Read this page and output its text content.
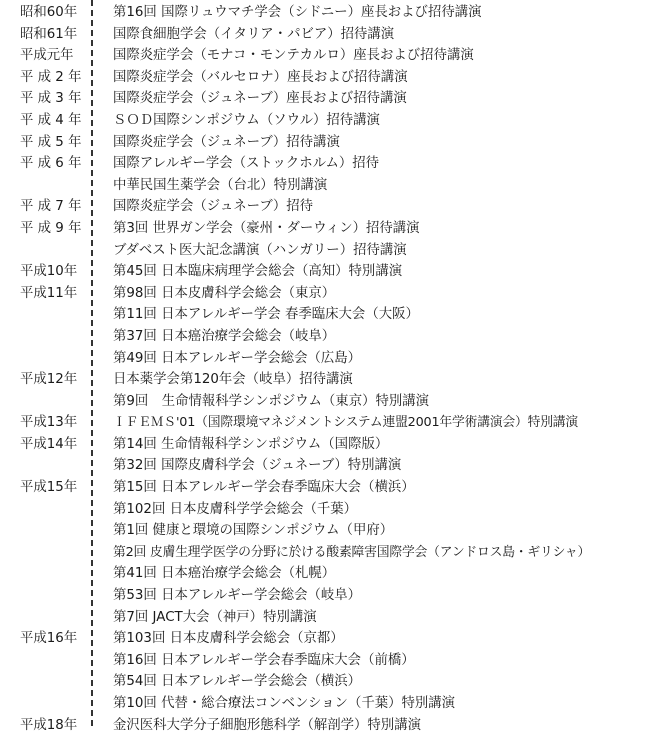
昭和60年	第16回 国際リュウマチ学会（シドニー）座長および招待講演
昭和61年	国際食細胞学会（イタリア・パビア）招待講演
平成元年	国際炎症学会（モナコ・モンテカルロ）座長および招待講演
平 成 2 年	国際炎症学会（バルセロナ）座長および招待講演
平 成 3 年	国際炎症学会（ジュネーブ）座長および招待講演
平 成 4 年	ＳＯＤ国際シンポジウム（ソウル）招待講演
平 成 5 年	国際炎症学会（ジュネーブ）招待講演
平 成 6 年	国際アレルギー学会（ストックホルム）招待
中華民国生薬学会（台北）特別講演
平 成 7 年	国際炎症学会（ジュネーブ）招待
平 成 9 年	第3回 世界ガン学会（豪州・ダーウィン）招待講演
ブダベスト医大記念講演（ハンガリー）招待講演
平成10年	第45回 日本臨床病理学会総会（高知）特別講演
平成11年	第98回 日本皮膚科学会総会（東京）
第11回 日本アレルギー学会 春季臨床大会（大阪）
第37回 日本癌治療学会総会（岐阜）
第49回 日本アレルギー学会総会（広島）
平成12年	日本薬学会第120年会（岐阜）招待講演
第9回　生命情報科学シンポジウム（東京）特別講演
平成13年	ＩＦＥＭＳ'01（国際環境マネジメントシステム連盟2001年学術講演会）特別講演
平成14年	第14回 生命情報科学シンポジウム（国際版）
第32回 国際皮膚科学会（ジュネーブ）特別講演
平成15年	第15回 日本アレルギー学会春季臨床大会（横浜）
第102回 日本皮膚科学学会総会（千葉）
第1回 健康と環境の国際シンポジウム（甲府）
第2回 皮膚生理学医学の分野に於ける酸素障害国際学会（アンドロス島・ギリシャ）
第41回 日本癌治療学会総会（札幌）
第53回 日本アレルギー学会総会（岐阜）
第7回 JACT大会（神戸）特別講演
平成16年	第103回 日本皮膚科学会総会（京都）
第16回 日本アレルギー学会春季臨床大会（前橋）
第54回 日本アレルギー学会総会（横浜）
第10回 代替・総合療法コンベンション（千葉）特別講演
平成18年	金沢医科大学分子細胞形態科学（解剖学）特別講演
